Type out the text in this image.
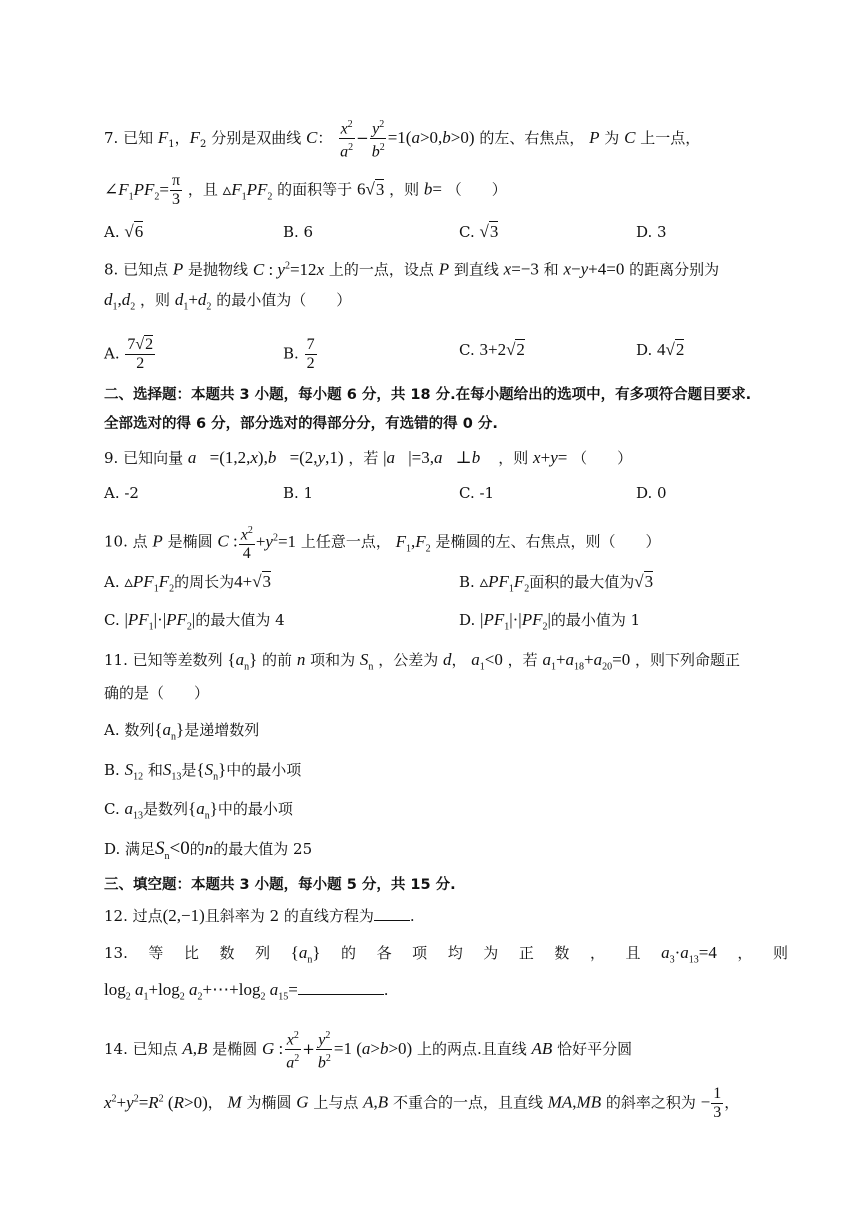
7. 已知 $F_1$，$F_2$ 分别是双曲线 C： $\frac{x^2}{a^2} - \frac{y^2}{b^2} =1(a>0,b>0)$ 的左、右焦点， P 为 C 上一点，
$\angle F_1PF_2= \frac{\pi}{3}$ ，且 $▵F_1PF_2$ 的面积等于 6√3 ，则 b= （　　）
A. √6	B. 6	C. √3	D. 3
8. 已知点 P 是抛物线 C : $y^2=12x$ 上的一点，设点 P 到直线 x=−3 和 x−y+4=0 的距离分别为
$d_1,d_2$ ，则 $d_1+d_2$ 的最小值为（　　）
A. $\frac{7√2}{2}$	B. $\frac{7}{2}$	C. 3+2√2	D. 4√2
二、选择题：本题共 3 小题，每小题 6 分，共 18 分.在每小题给出的选项中，有多项符合题目要求.
全部选对的得 6 分，部分选对的得部分分，有选错的得 0 分.
9. 已知向量 a⃗=(1,2,x),b⃗=(2,y,1) ，若 |a⃗|=3,a⃗⊥b⃗ ，则 x+y= （　　）
A. -2	B. 1	C. -1	D. 0
10. 点 P 是椭圆 C : $\frac{x^2}{4} +y^2=1$ 上任意一点， $F_1,F_2$ 是椭圆的左、右焦点，则（　　）
A. $▵PF_1F_2$的周长为4+√3	B. $▵PF_1F_2$面积的最大值为√3
C. $|PF_1|\cdot|PF_2|$的最大值为 4	D. $|PF_1|\cdot|PF_2|$的最小值为 1
11. 已知等差数列 $\{a_n\}$ 的前 n 项和为 $S_n$ ，公差为 d， $a_1<0$ ，若 $a_1+a_{18}+a_{20}=0$ ，则下列命题正
确的是（　　）
A. 数列$\{a_n\}$是递增数列
B. $S_{12}$ 和$S_{13}$是$\{S_n\}$中的最小项
C. $a_{13}$是数列$\{a_n\}$中的最小项
D. 满足$S_n<0$的n的最大值为 25
三、填空题：本题共 3 小题，每小题 5 分，共 15 分.
12. 过点(2,−1)且斜率为 2 的直线方程为 .
13. 等 比 数 列 $\{a_n\}$ 的 各 项 均 为 正 数 ， 且 $a_3\cdot a_{13}=4$ ， 则
$\log_2 a_1+\log_2$ $a_2+\cdots+\log_2$ $a_{15}=$	.
14. 已知点 A,B 是椭圆 G : $\frac{x^2}{a^2} + \frac{y^2}{b^2} =1$ (a>b>0) 上的两点.且直线 AB 恰好平分圆
$x^2+y^2=R^2$ (R>0)， M 为椭圆 G 上与点 A,B 不重合的一点，且直线 MA,MB 的斜率之积为 − $\frac{1}{3}$ ，
